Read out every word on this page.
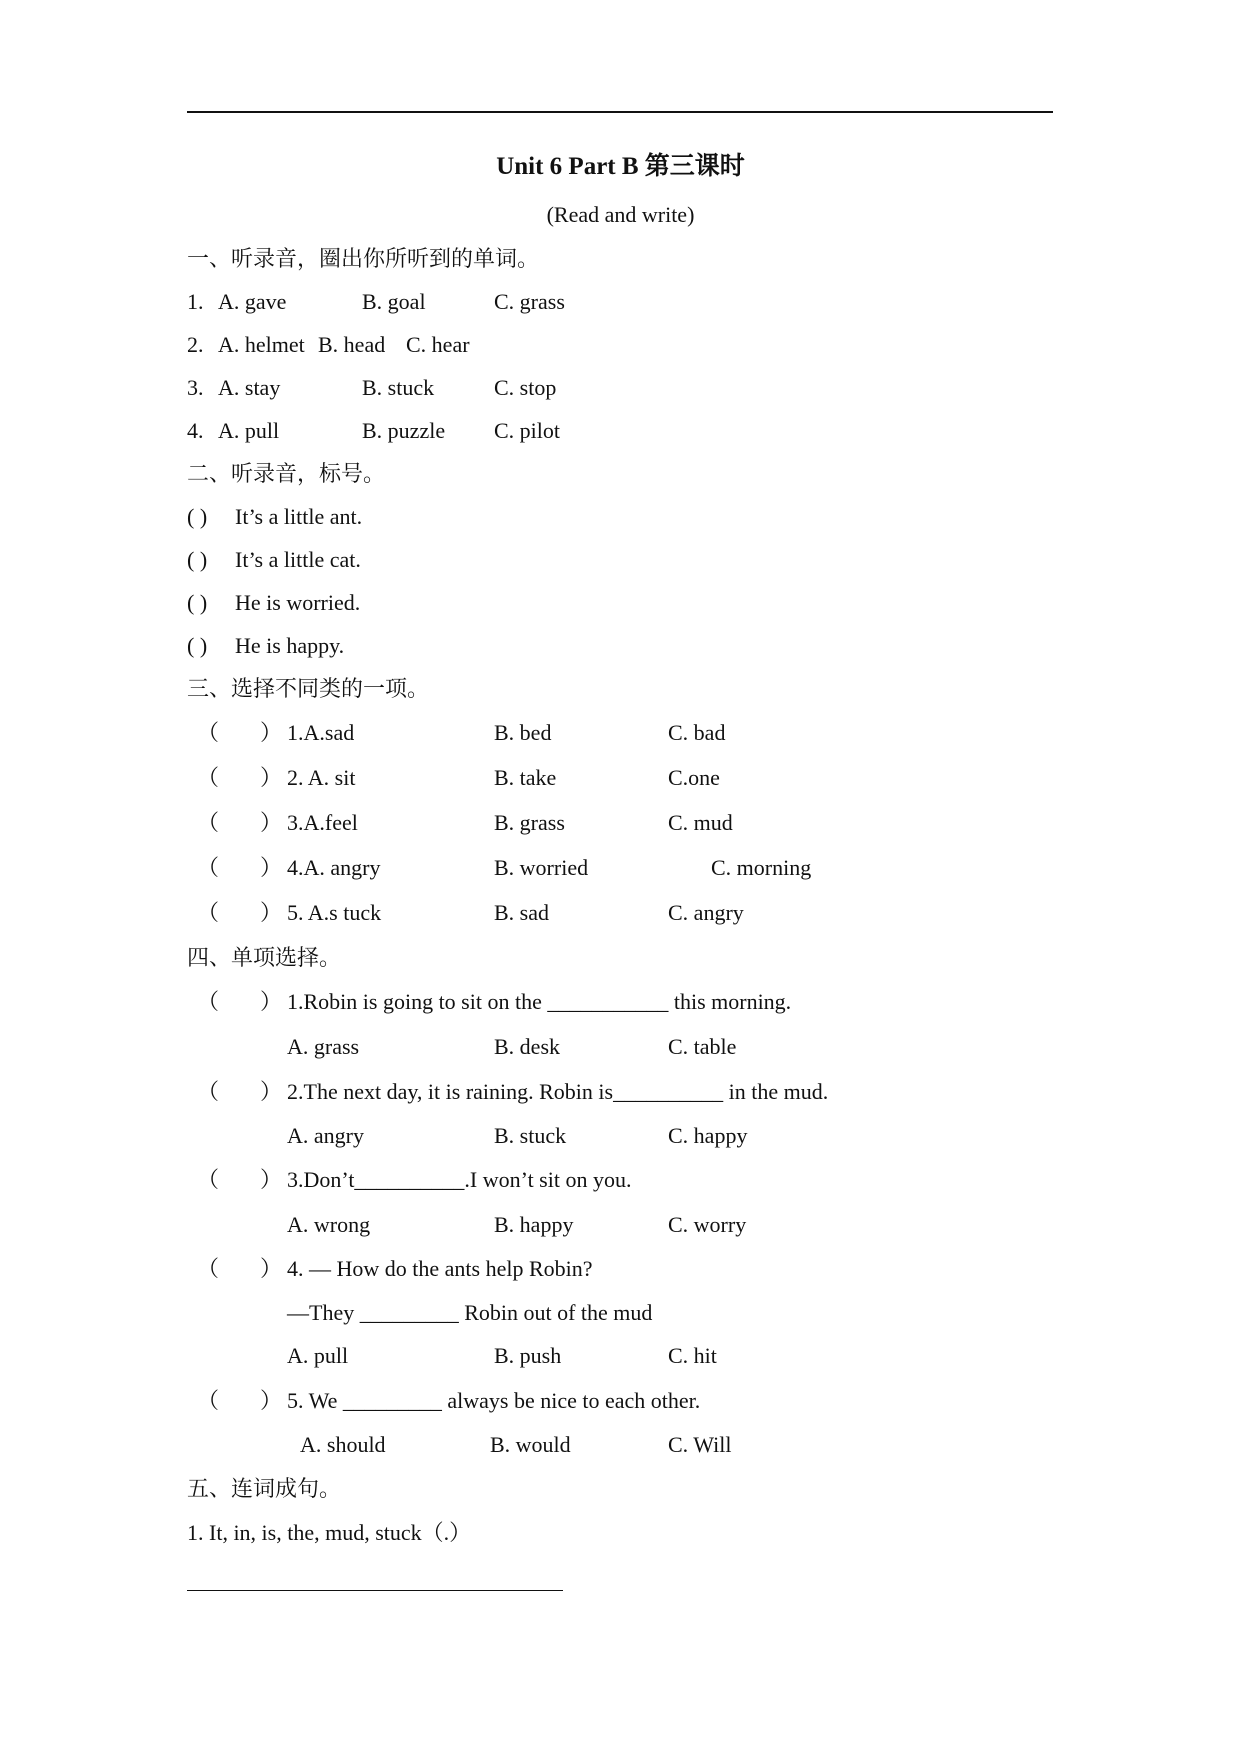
Unit 6 Part B 第三课时
(Read and write)
一、听录音，圈出你所听到的单词。
1. A. gave	B. goal	C. grass
2. A. helmet B. head C. hear
3. A. stay	B. stuck	C. stop
4. A. pull	B. puzzle C. pilot
二、听录音，标号。
( ) It’s a little ant.
( ) It’s a little cat.
( ) He is worried.
( ) He is happy.
三、选择不同类的一项。
（ ） 1.A.sad	B. bed	C. bad
（ ） 2. A. sit	B. take	C.one
（ ） 3.A.feel	B. grass	C. mud
（ ） 4.A. angry	B. worried	C. morning
（ ） 5. A.s tuck	B. sad	C. angry
四、单项选择。
（ ） 1.Robin is going to sit on the ___________ this morning.
A. grass	B. desk	C. table
（ ） 2.The next day, it is raining. Robin is__________ in the mud.
A. angry	B. stuck	C. happy
（ ） 3.Don’t__________.I won’t sit on you.
A. wrong	B. happy	C. worry
（ ） 4. — How do the ants help Robin?
—They _________ Robin out of the mud
A. pull	B. push	C. hit
（ ） 5. We _________ always be nice to each other.
A. should	B. would	C. Will
五、连词成句。
1. It, in, is, the, mud, stuck（.）
